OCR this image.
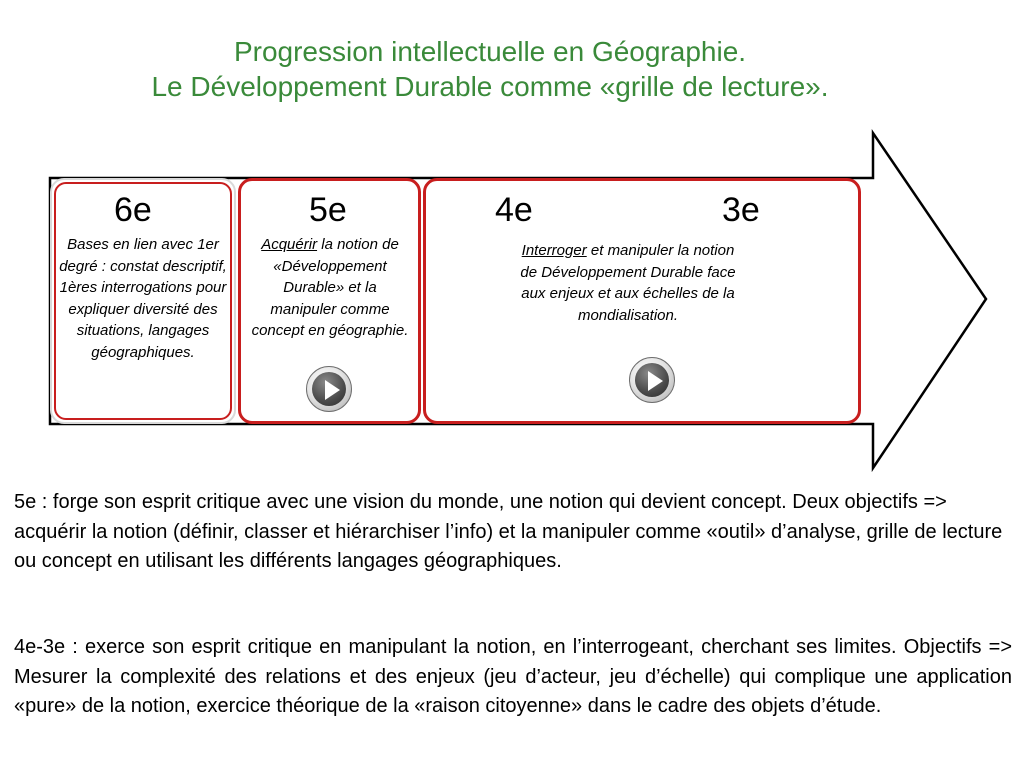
Progression intellectuelle en Géographie.
Le Développement Durable comme «grille de lecture».
6e
Bases en lien avec 1er degré : constat descriptif, 1ères interrogations pour expliquer diversité des situations, langages géographiques.
5e
Acquérir la notion de «Développement Durable» et la manipuler comme concept en géographie.
4e	3e
Interroger et manipuler la notion de Développement Durable face aux enjeux et aux échelles de la mondialisation.

5e : forge son esprit critique avec une vision du monde, une notion qui devient concept. Deux objectifs => acquérir la notion (définir, classer et hiérarchiser l’info) et la manipuler comme «outil» d’analyse, grille de lecture ou concept en utilisant les différents langages géographiques.

4e-3e : exerce son esprit critique en manipulant la notion, en l’interrogeant, cherchant ses limites. Objectifs => Mesurer la complexité des relations et des enjeux (jeu d’acteur, jeu d’échelle) qui complique une application «pure» de la notion, exercice théorique de la «raison citoyenne» dans le cadre des objets d’étude.
